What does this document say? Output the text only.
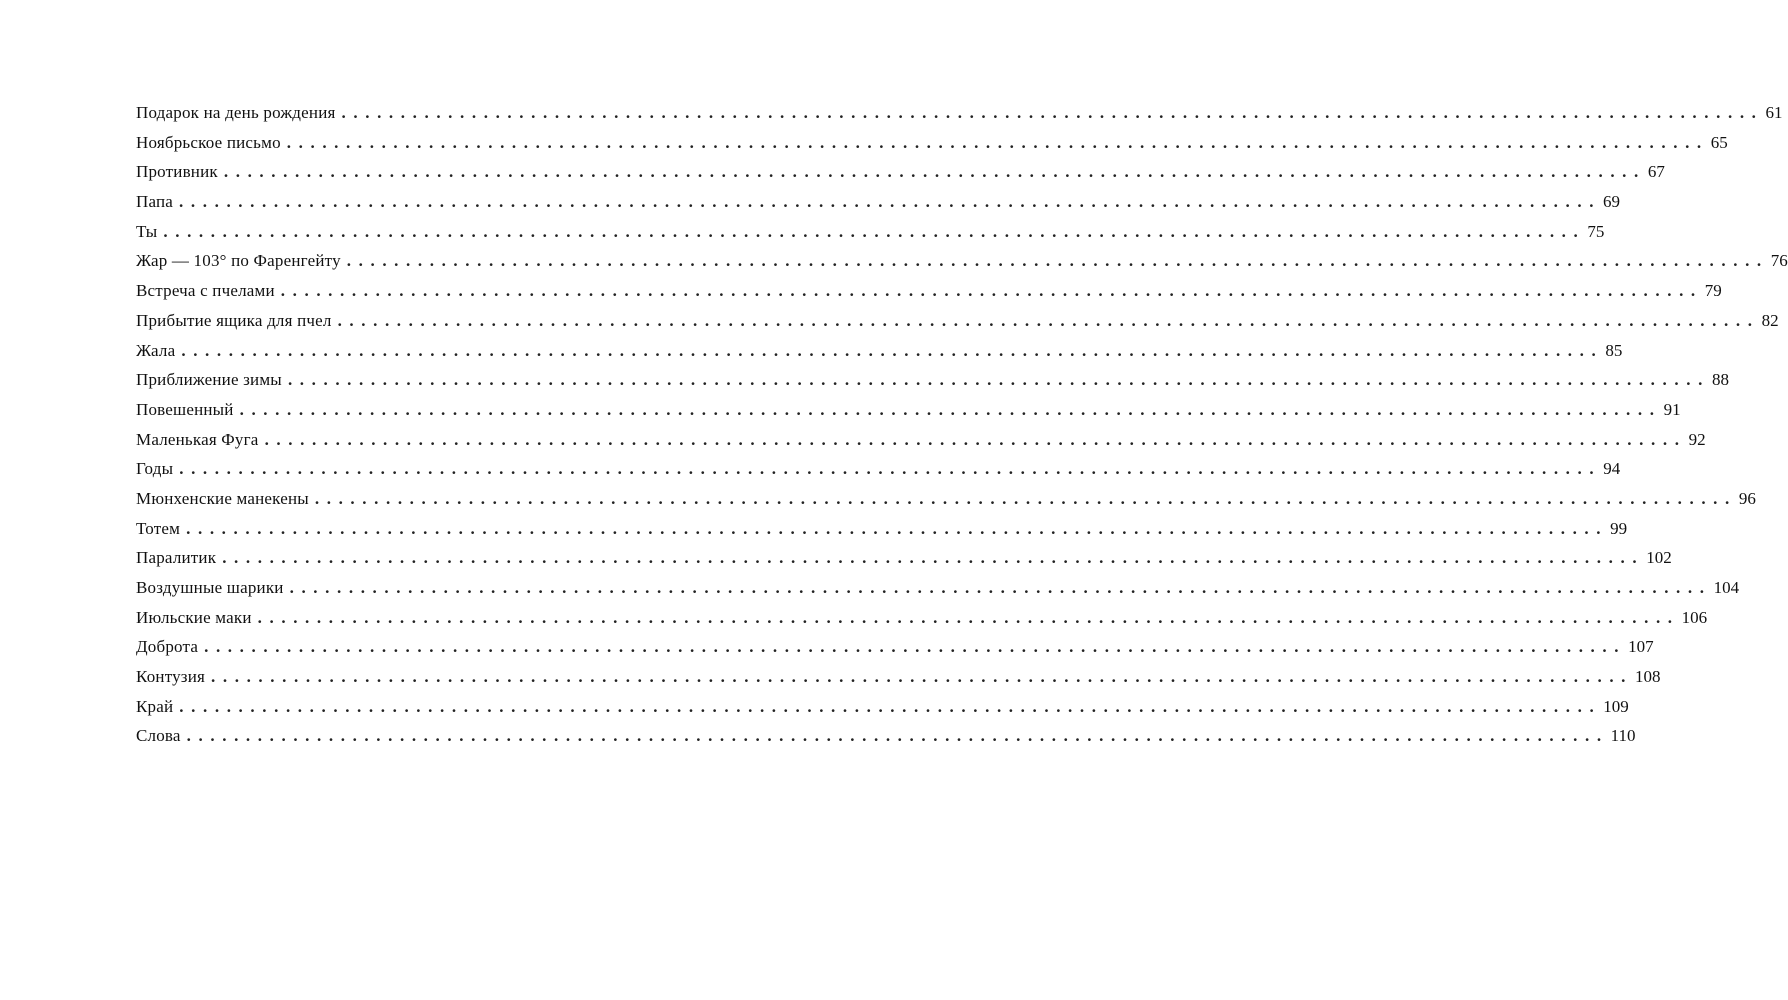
Подарок на день рождения ........................................................................................................................ 61
Ноябрьское письмо ........................................................................................................................ 65
Противник ........................................................................................................................ 67
Папа ........................................................................................................................ 69
Ты ........................................................................................................................ 75
Жар — 103° по Фаренгейту ........................................................................................................................ 76
Встреча с пчелами ........................................................................................................................ 79
Прибытие ящика для пчел ........................................................................................................................ 82
Жала ........................................................................................................................ 85
Приближение зимы ........................................................................................................................ 88
Повешенный ........................................................................................................................ 91
Маленькая Фуга ........................................................................................................................ 92
Годы ........................................................................................................................ 94
Мюнхенские манекены ........................................................................................................................ 96
Тотем ........................................................................................................................ 99
Паралитик ........................................................................................................................ 102
Воздушные шарики ........................................................................................................................ 104
Июльские маки ........................................................................................................................ 106
Доброта ........................................................................................................................ 107
Контузия ........................................................................................................................ 108
Край ........................................................................................................................ 109
Слова ........................................................................................................................ 110
